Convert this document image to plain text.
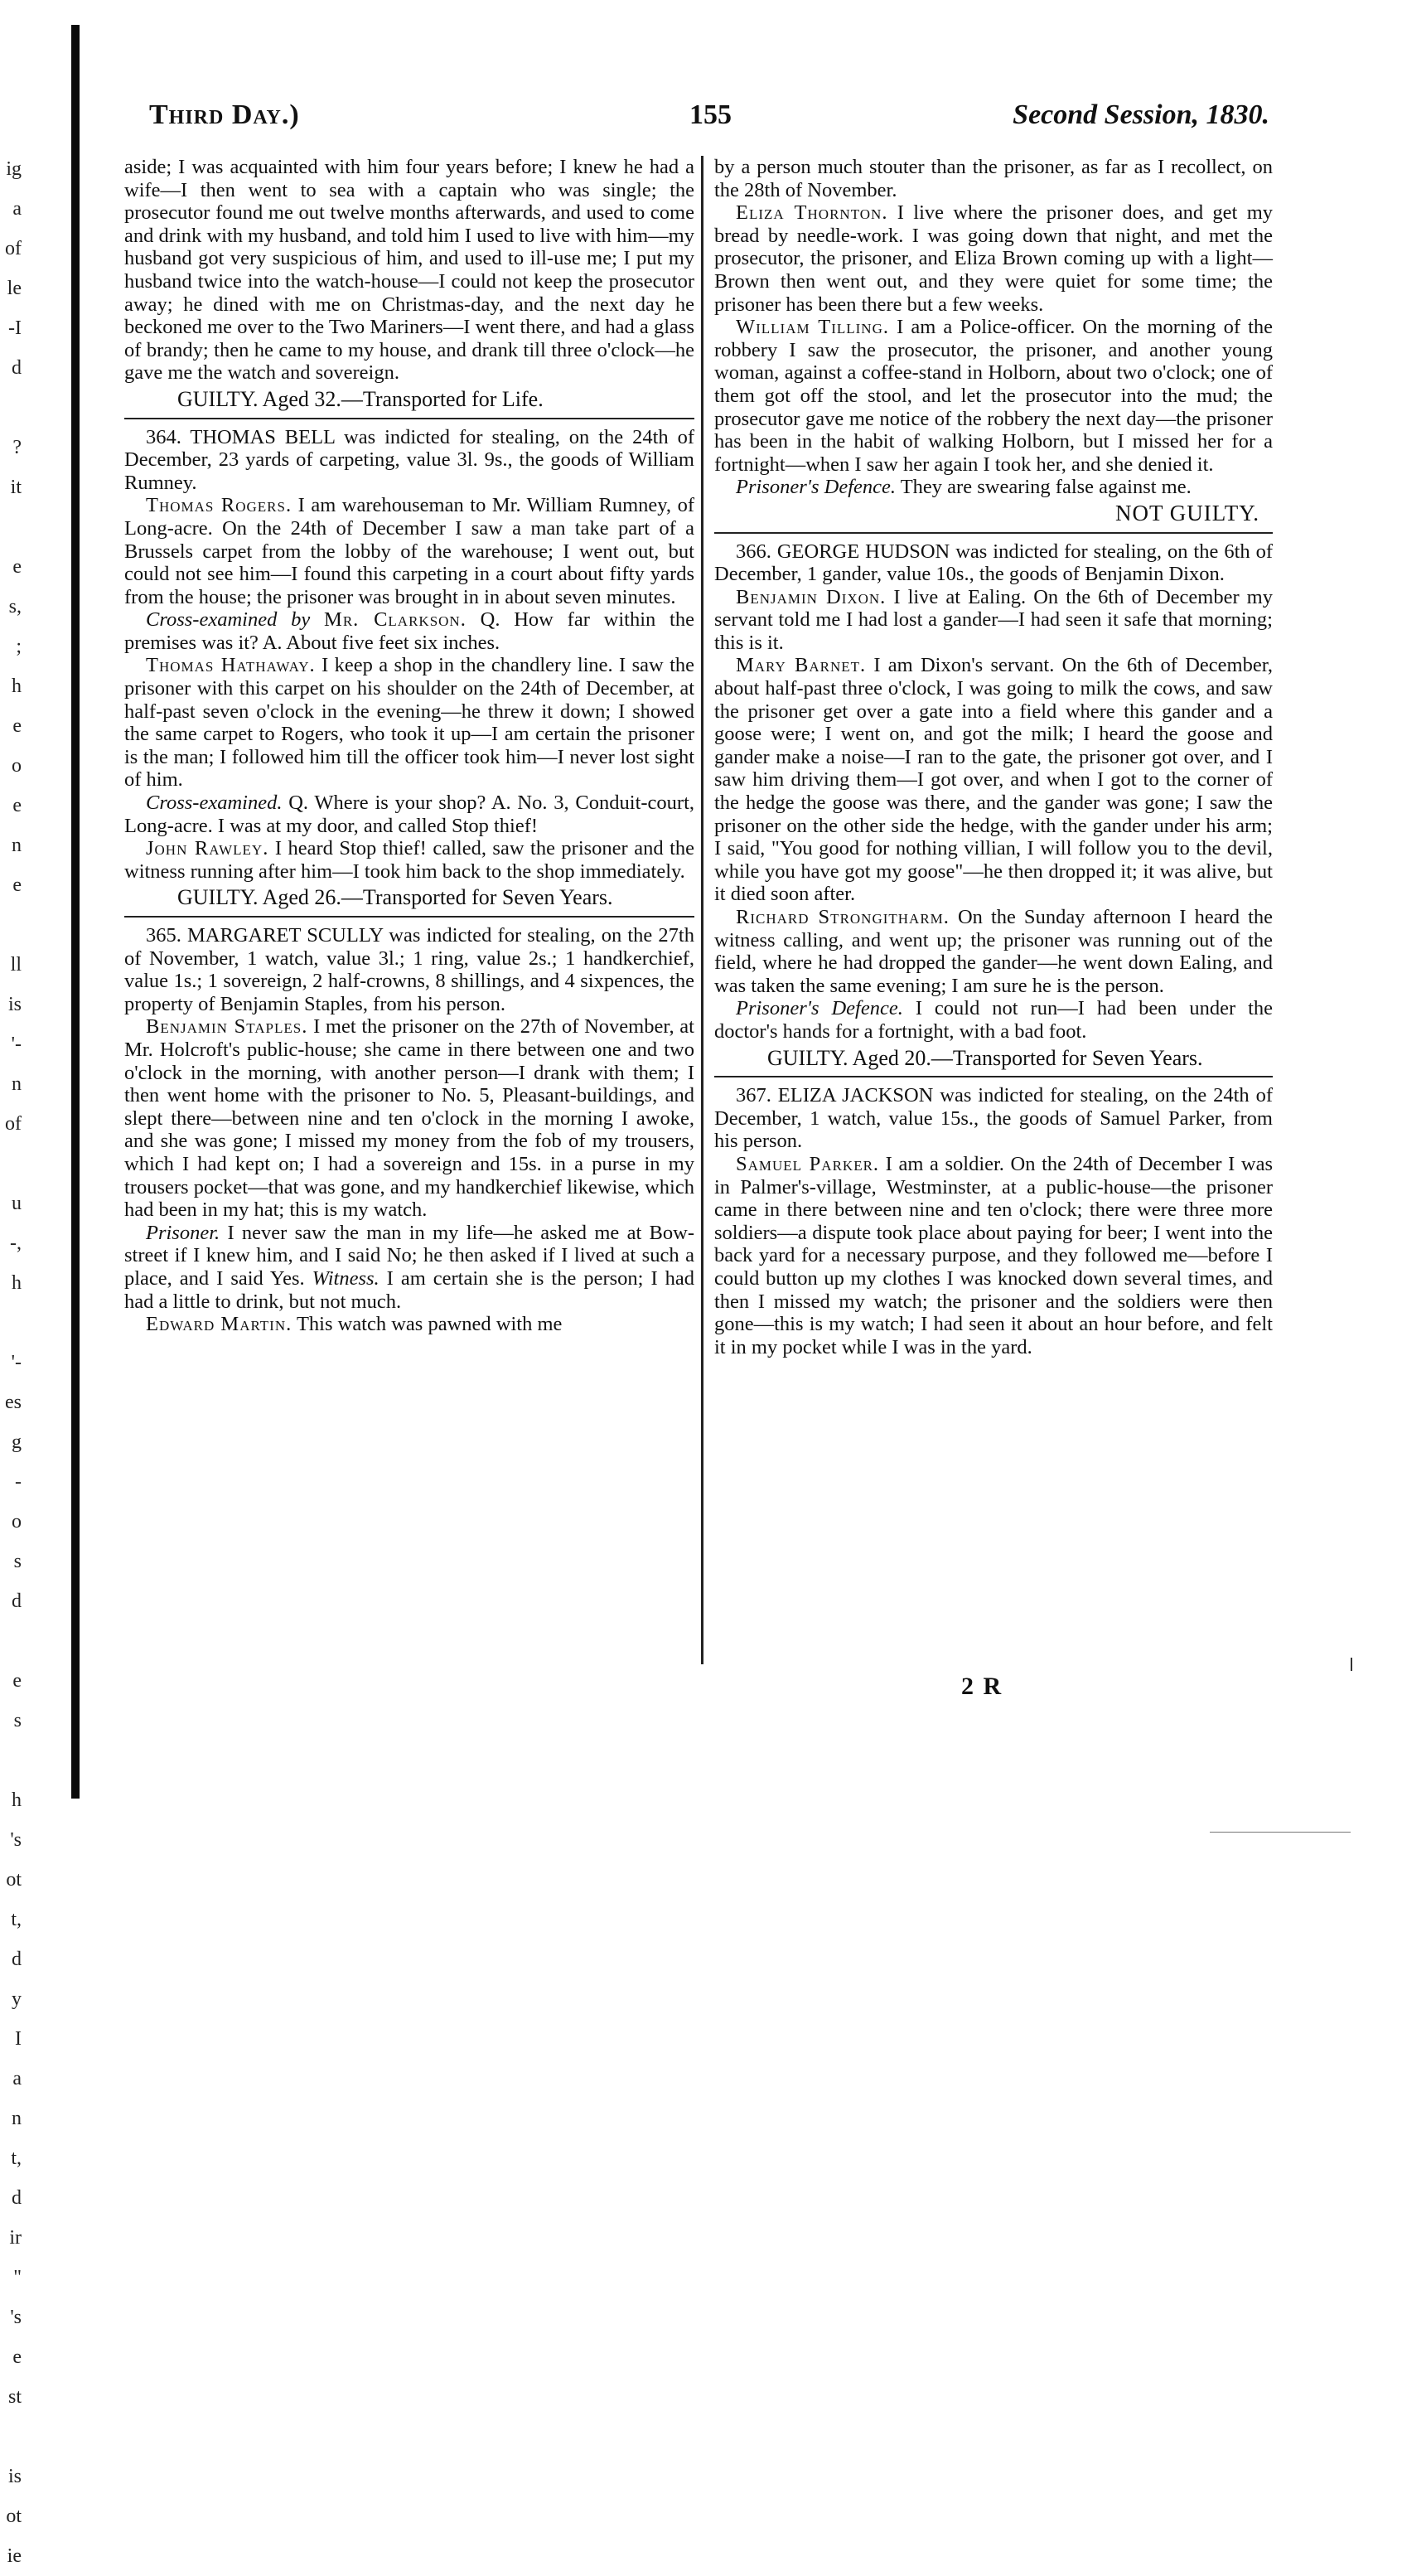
ig
a
of
le
-I
d
?
it
e
s,
;
h
e
o
e
n
e
ll
is
'-
n
of
u
-,
h
'-
es
g
-
o
s
d
e
s
h
's
ot
t,
d
y
I
a
n
t,
d
ir
"
's
e
st
is
ot
ie
Third Day.)	155	Second Session, 1830.

aside; I was acquainted with him four years before; I knew he had a wife—I then went to sea with a captain who was single; the prosecutor found me out twelve months afterwards, and used to come and drink with my husband, and told him I used to live with him—my husband got very suspicious of him, and used to ill-use me; I put my husband twice into the watch-house—I could not keep the prosecutor away; he dined with me on Christmas-day, and the next day he beckoned me over to the Two Mariners—I went there, and had a glass of brandy; then he came to my house, and drank till three o'clock—he gave me the watch and sovereign.

GUILTY. Aged 32.—Transported for Life.

364. THOMAS BELL was indicted for stealing, on the 24th of December, 23 yards of carpeting, value 3l. 9s., the goods of William Rumney.

Thomas Rogers. I am warehouseman to Mr. William Rumney, of Long-acre. On the 24th of December I saw a man take part of a Brussels carpet from the lobby of the warehouse; I went out, but could not see him—I found this carpeting in a court about fifty yards from the house; the prisoner was brought in in about seven minutes.

Cross-examined by Mr. Clarkson. Q. How far within the premises was it? A. About five feet six inches.

Thomas Hathaway. I keep a shop in the chandlery line. I saw the prisoner with this carpet on his shoulder on the 24th of December, at half-past seven o'clock in the evening—he threw it down; I showed the same carpet to Rogers, who took it up—I am certain the prisoner is the man; I followed him till the officer took him—I never lost sight of him.

Cross-examined. Q. Where is your shop? A. No. 3, Conduit-court, Long-acre. I was at my door, and called Stop thief!

John Rawley. I heard Stop thief! called, saw the prisoner and the witness running after him—I took him back to the shop immediately.

GUILTY. Aged 26.—Transported for Seven Years.

365. MARGARET SCULLY was indicted for stealing, on the 27th of November, 1 watch, value 3l.; 1 ring, value 2s.; 1 handkerchief, value 1s.; 1 sovereign, 2 half-crowns, 8 shillings, and 4 sixpences, the property of Benjamin Staples, from his person.

Benjamin Staples. I met the prisoner on the 27th of November, at Mr. Holcroft's public-house; she came in there between one and two o'clock in the morning, with another person—I drank with them; I then went home with the prisoner to No. 5, Pleasant-buildings, and slept there—between nine and ten o'clock in the morning I awoke, and she was gone; I missed my money from the fob of my trousers, which I had kept on; I had a sovereign and 15s. in a purse in my trousers pocket—that was gone, and my handkerchief likewise, which had been in my hat; this is my watch.

Prisoner. I never saw the man in my life—he asked me at Bow-street if I knew him, and I said No; he then asked if I lived at such a place, and I said Yes. Witness. I am certain she is the person; I had had a little to drink, but not much.

Edward Martin. This watch was pawned with me

by a person much stouter than the prisoner, as far as I recollect, on the 28th of November.

Eliza Thornton. I live where the prisoner does, and get my bread by needle-work. I was going down that night, and met the prosecutor, the prisoner, and Eliza Brown coming up with a light—Brown then went out, and they were quiet for some time; the prisoner has been there but a few weeks.

William Tilling. I am a Police-officer. On the morning of the robbery I saw the prosecutor, the prisoner, and another young woman, against a coffee-stand in Holborn, about two o'clock; one of them got off the stool, and let the prosecutor into the mud; the prosecutor gave me notice of the robbery the next day—the prisoner has been in the habit of walking Holborn, but I missed her for a fortnight—when I saw her again I took her, and she denied it.

Prisoner's Defence. They are swearing false against me.

NOT GUILTY.

366. GEORGE HUDSON was indicted for stealing, on the 6th of December, 1 gander, value 10s., the goods of Benjamin Dixon.

Benjamin Dixon. I live at Ealing. On the 6th of December my servant told me I had lost a gander—I had seen it safe that morning; this is it.

Mary Barnet. I am Dixon's servant. On the 6th of December, about half-past three o'clock, I was going to milk the cows, and saw the prisoner get over a gate into a field where this gander and a goose were; I went on, and got the milk; I heard the goose and gander make a noise—I ran to the gate, the prisoner got over, and I saw him driving them—I got over, and when I got to the corner of the hedge the goose was there, and the gander was gone; I saw the prisoner on the other side the hedge, with the gander under his arm; I said, "You good for nothing villian, I will follow you to the devil, while you have got my goose"—he then dropped it; it was alive, but it died soon after.

Richard Strongitharm. On the Sunday afternoon I heard the witness calling, and went up; the prisoner was running out of the field, where he had dropped the gander—he went down Ealing, and was taken the same evening; I am sure he is the person.

Prisoner's Defence. I could not run—I had been under the doctor's hands for a fortnight, with a bad foot.

GUILTY. Aged 20.—Transported for Seven Years.

367. ELIZA JACKSON was indicted for stealing, on the 24th of December, 1 watch, value 15s., the goods of Samuel Parker, from his person.

Samuel Parker. I am a soldier. On the 24th of December I was in Palmer's-village, Westminster, at a public-house—the prisoner came in there between nine and ten o'clock; there were three more soldiers—a dispute took place about paying for beer; I went into the back yard for a necessary purpose, and they followed me—before I could button up my clothes I was knocked down several times, and then I missed my watch; the prisoner and the soldiers were then gone—this is my watch; I had seen it about an hour before, and felt it in my pocket while I was in the yard.

2 R
